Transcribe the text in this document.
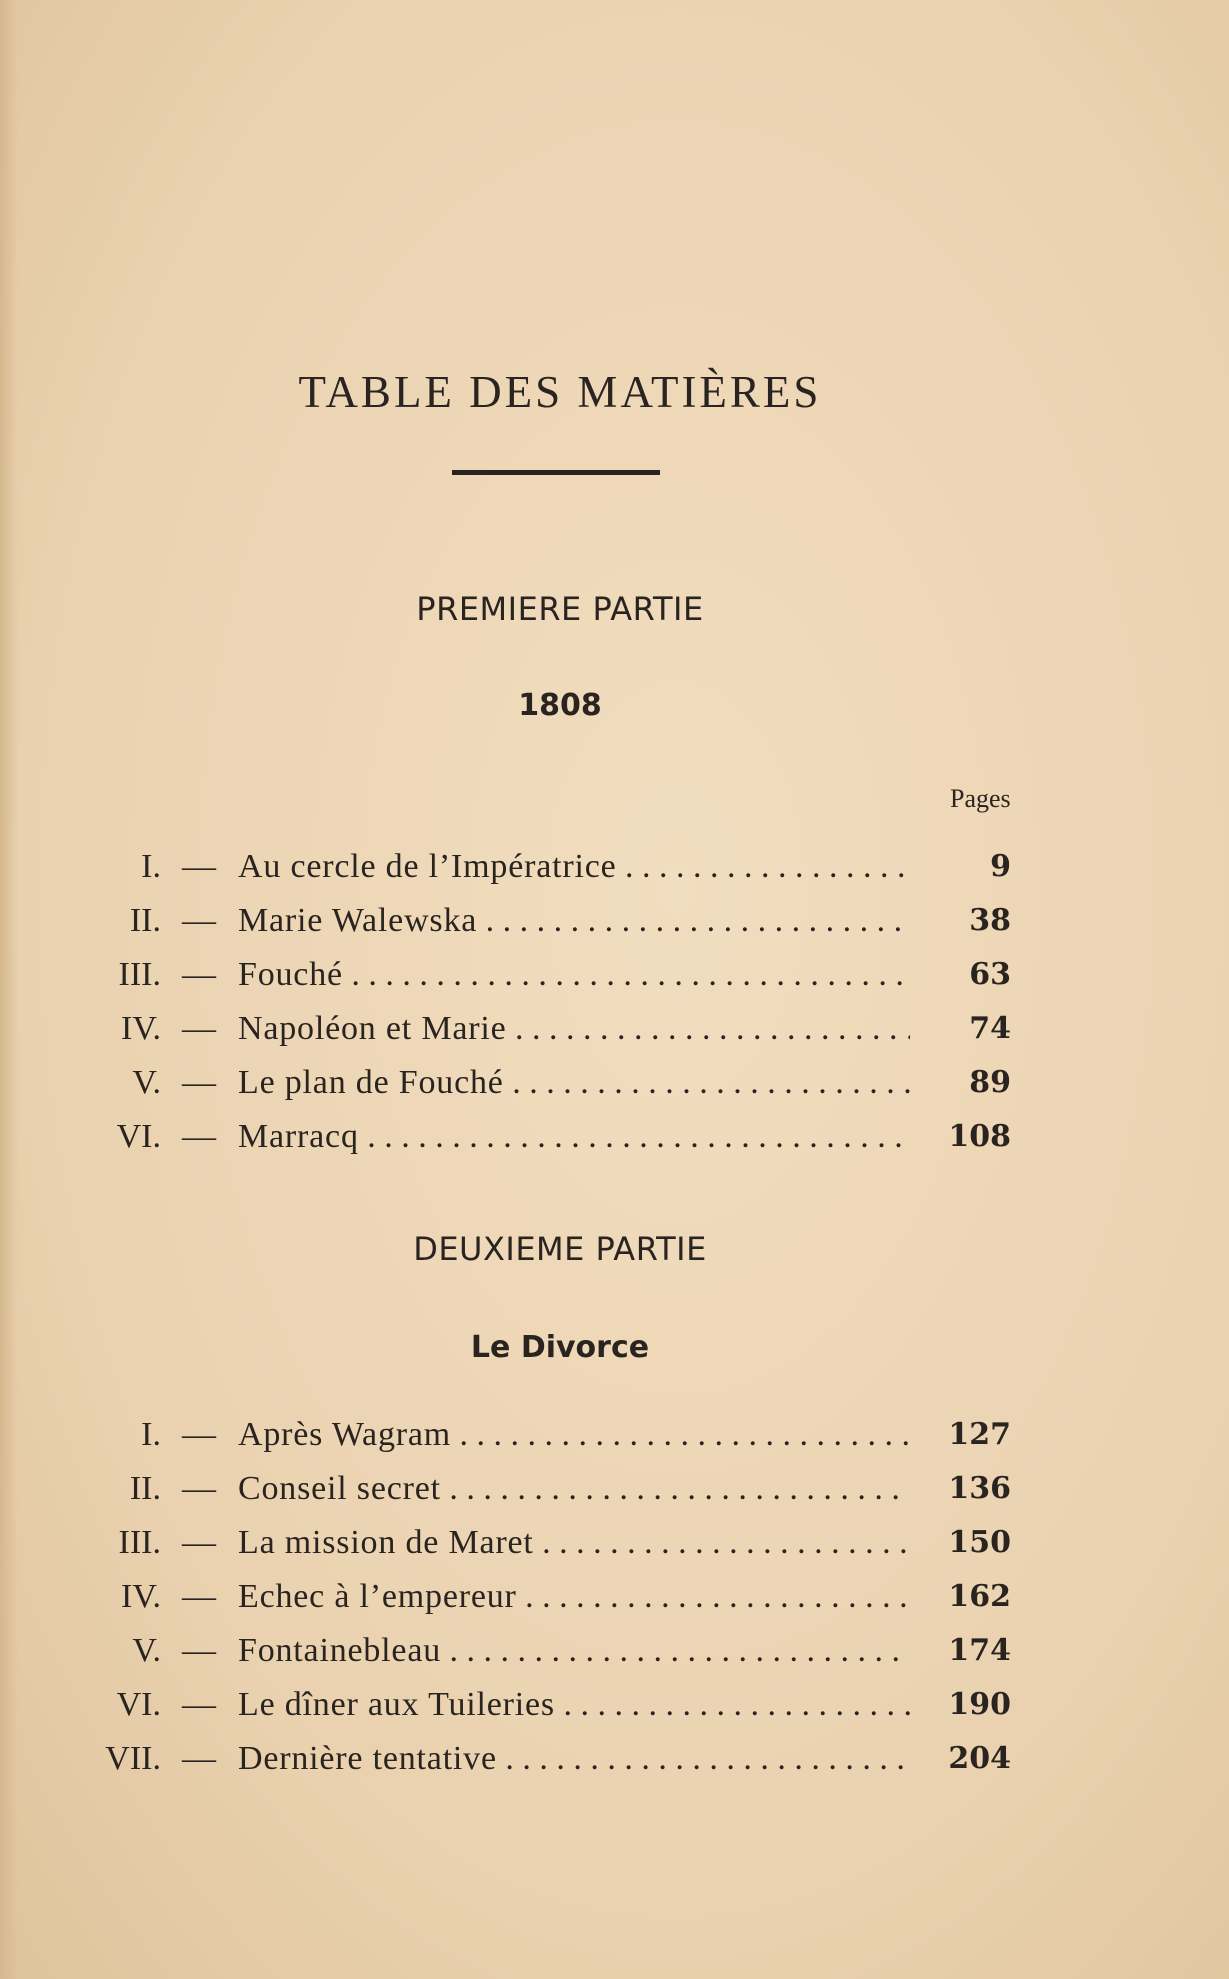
TABLE DES MATIÈRES
PREMIERE PARTIE
1808
Pages
I. — Au cercle de l’Impératrice . . .	9
II. — Marie Walewska . . .	38
III. — Fouché . . .	63
IV. — Napoléon et Marie . . .	74
V. — Le plan de Fouché . . .	89
VI. — Marracq . . .	108
DEUXIEME PARTIE
Le Divorce
I. — Après Wagram . . .	127
II. — Conseil secret . . .	136
III. — La mission de Maret . . .	150
IV. — Echec à l’empereur . . .	162
V. — Fontainebleau . . .	174
VI. — Le dîner aux Tuileries . . .	190
VII. — Dernière tentative . . .	204
